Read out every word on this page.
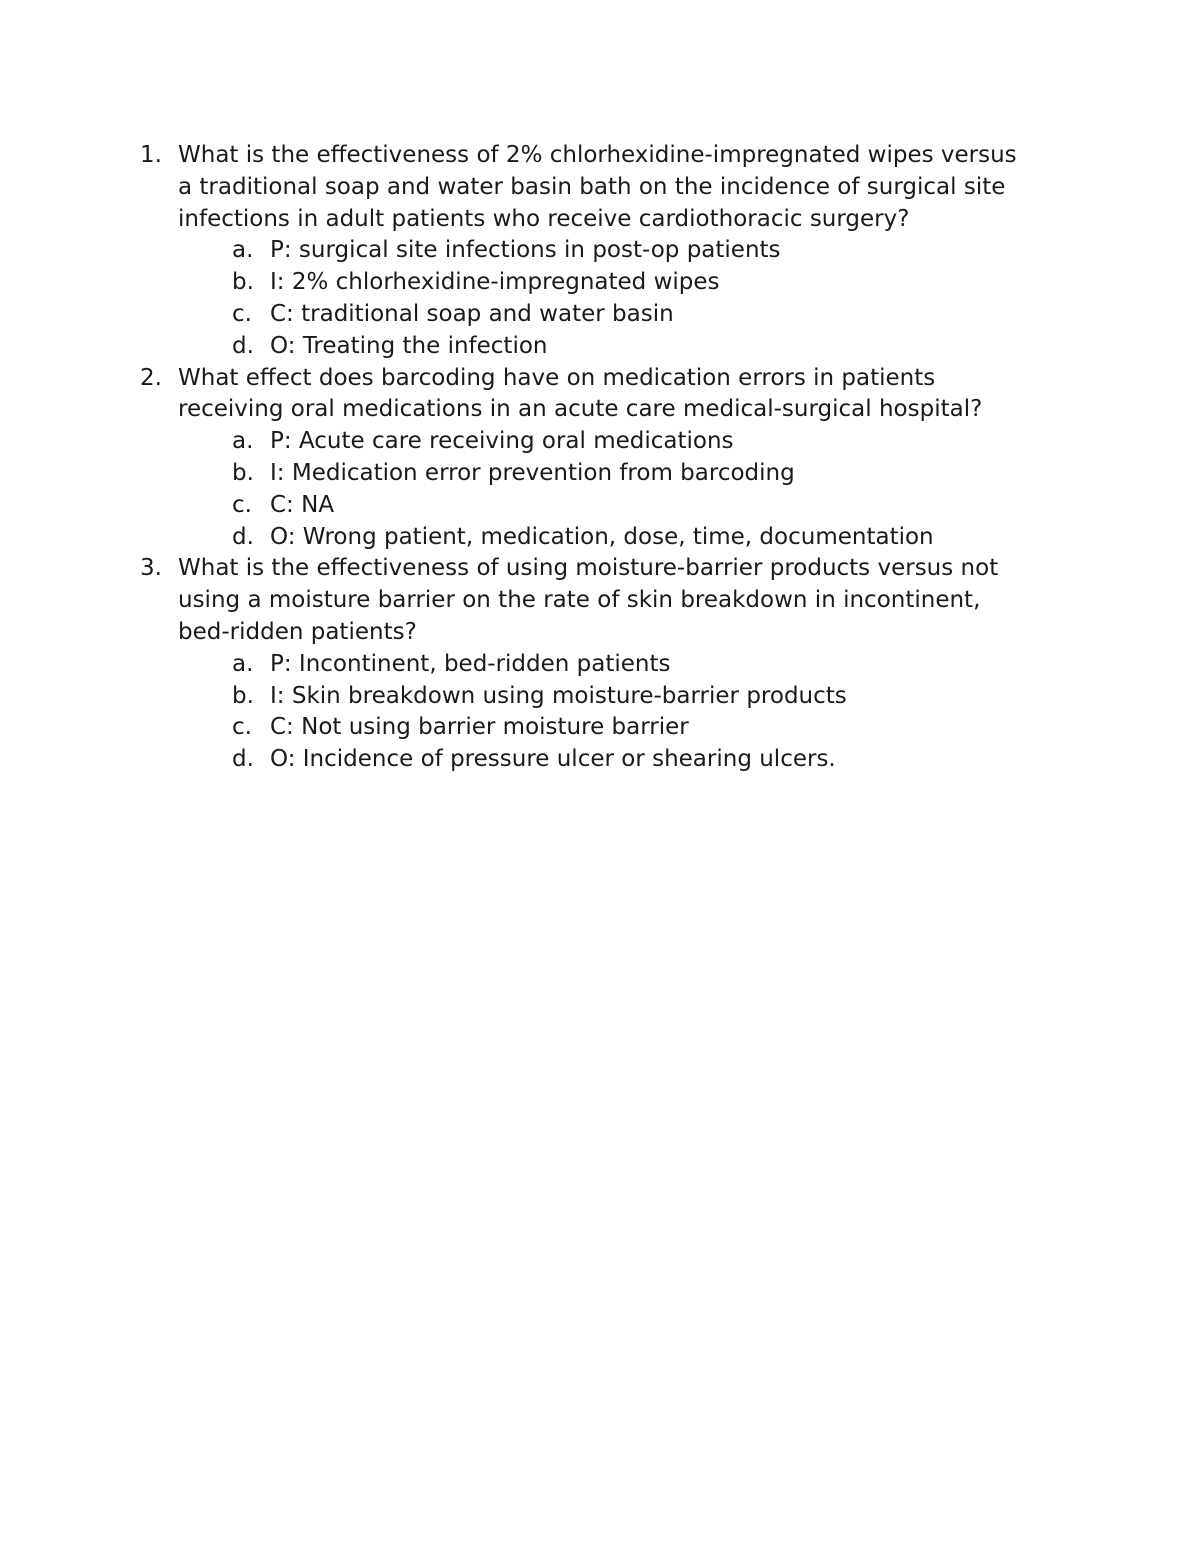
1. What is the effectiveness of 2% chlorhexidine-impregnated wipes versus
a traditional soap and water basin bath on the incidence of surgical site
infections in adult patients who receive cardiothoracic surgery?
a. P: surgical site infections in post-op patients
b. I: 2% chlorhexidine-impregnated wipes
c. C: traditional soap and water basin
d. O: Treating the infection
2. What effect does barcoding have on medication errors in patients
receiving oral medications in an acute care medical-surgical hospital?
a. P: Acute care receiving oral medications
b. I: Medication error prevention from barcoding
c. C: NA
d. O: Wrong patient, medication, dose, time, documentation
3. What is the effectiveness of using moisture-barrier products versus not
using a moisture barrier on the rate of skin breakdown in incontinent,
bed-ridden patients?
a. P: Incontinent, bed-ridden patients
b. I: Skin breakdown using moisture-barrier products
c. C: Not using barrier moisture barrier
d. O: Incidence of pressure ulcer or shearing ulcers.
